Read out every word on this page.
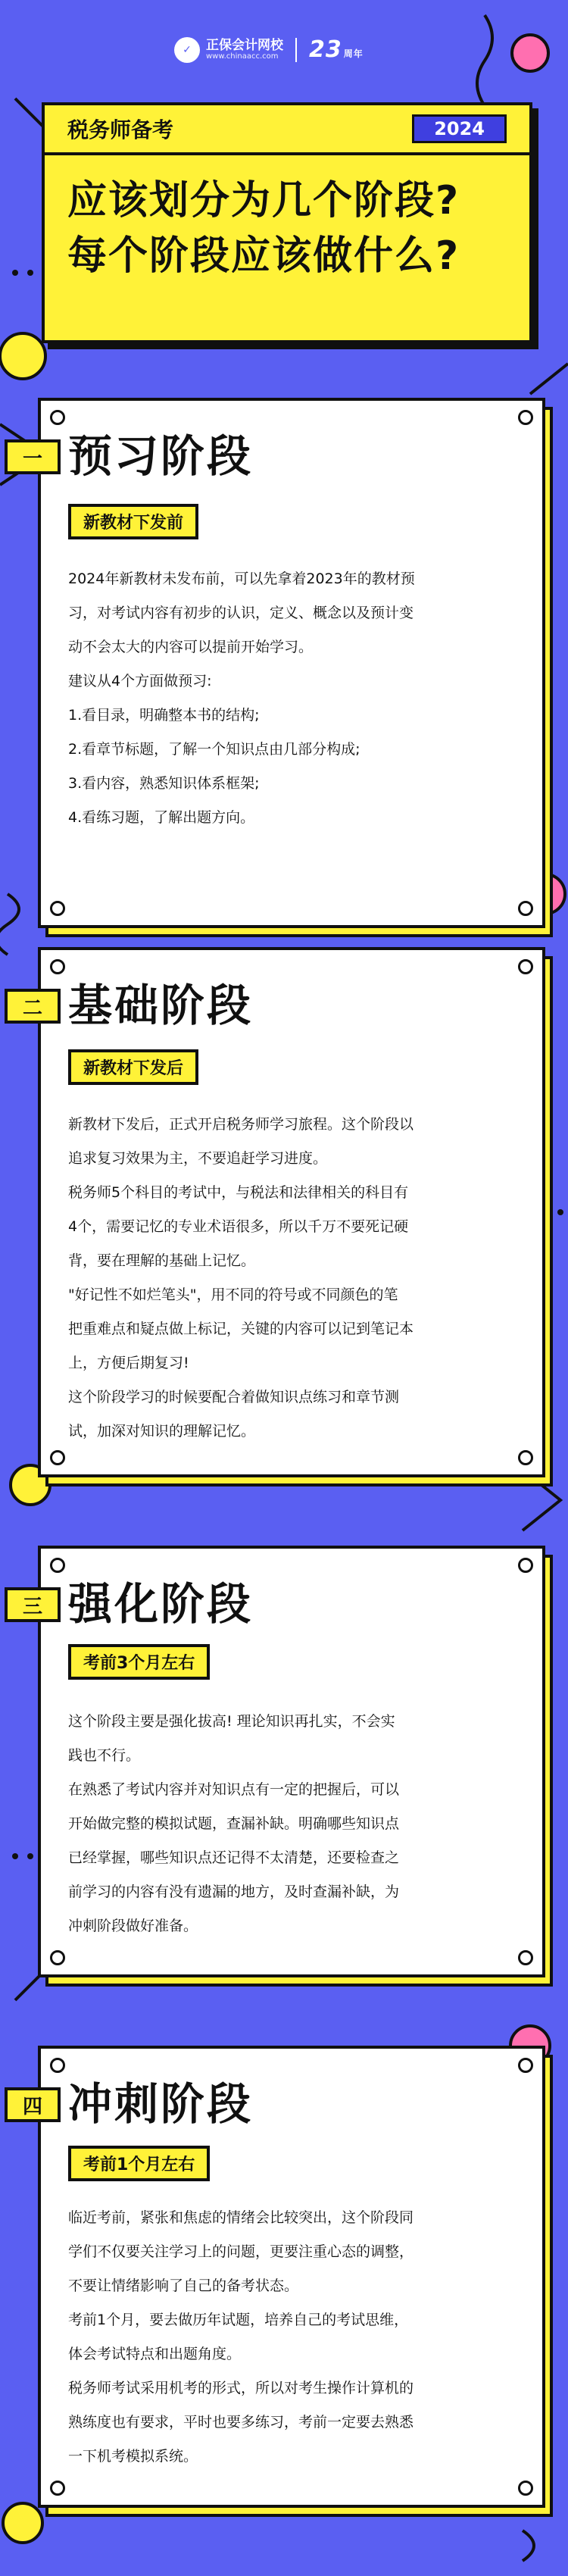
✓	正保会计网校
www.chinaacc.com 23 周年
税务师备考	2024
应该划分为几个阶段?
每个阶段应该做什么?
一 预习阶段
新教材下发前

2024年新教材未发布前，可以先拿着2023年的教材预

习，对考试内容有初步的认识，定义、概念以及预计变

动不会太大的内容可以提前开始学习。

建议从4个方面做预习:

1.看目录，明确整本书的结构;

2.看章节标题，了解一个知识点由几部分构成;

3.看内容，熟悉知识体系框架;

4.看练习题，了解出题方向。

二 基础阶段
新教材下发后

新教材下发后，正式开启税务师学习旅程。这个阶段以

追求复习效果为主，不要追赶学习进度。

税务师5个科目的考试中，与税法和法律相关的科目有

4个，需要记忆的专业术语很多，所以千万不要死记硬

背，要在理解的基础上记忆。

"好记性不如烂笔头"，用不同的符号或不同颜色的笔

把重难点和疑点做上标记，关键的内容可以记到笔记本

上，方便后期复习!

这个阶段学习的时候要配合着做知识点练习和章节测

试，加深对知识的理解记忆。

三 强化阶段
考前3个月左右

这个阶段主要是强化拔高! 理论知识再扎实，不会实

践也不行。

在熟悉了考试内容并对知识点有一定的把握后，可以

开始做完整的模拟试题，查漏补缺。明确哪些知识点

已经掌握，哪些知识点还记得不太清楚，还要检查之

前学习的内容有没有遗漏的地方，及时查漏补缺，为

冲刺阶段做好准备。

四 冲刺阶段
考前1个月左右

临近考前，紧张和焦虑的情绪会比较突出，这个阶段同

学们不仅要关注学习上的问题，更要注重心态的调整，

不要让情绪影响了自己的备考状态。

考前1个月，要去做历年试题，培养自己的考试思维，

体会考试特点和出题角度。

税务师考试采用机考的形式，所以对考生操作计算机的

熟练度也有要求，平时也要多练习，考前一定要去熟悉

一下机考模拟系统。
